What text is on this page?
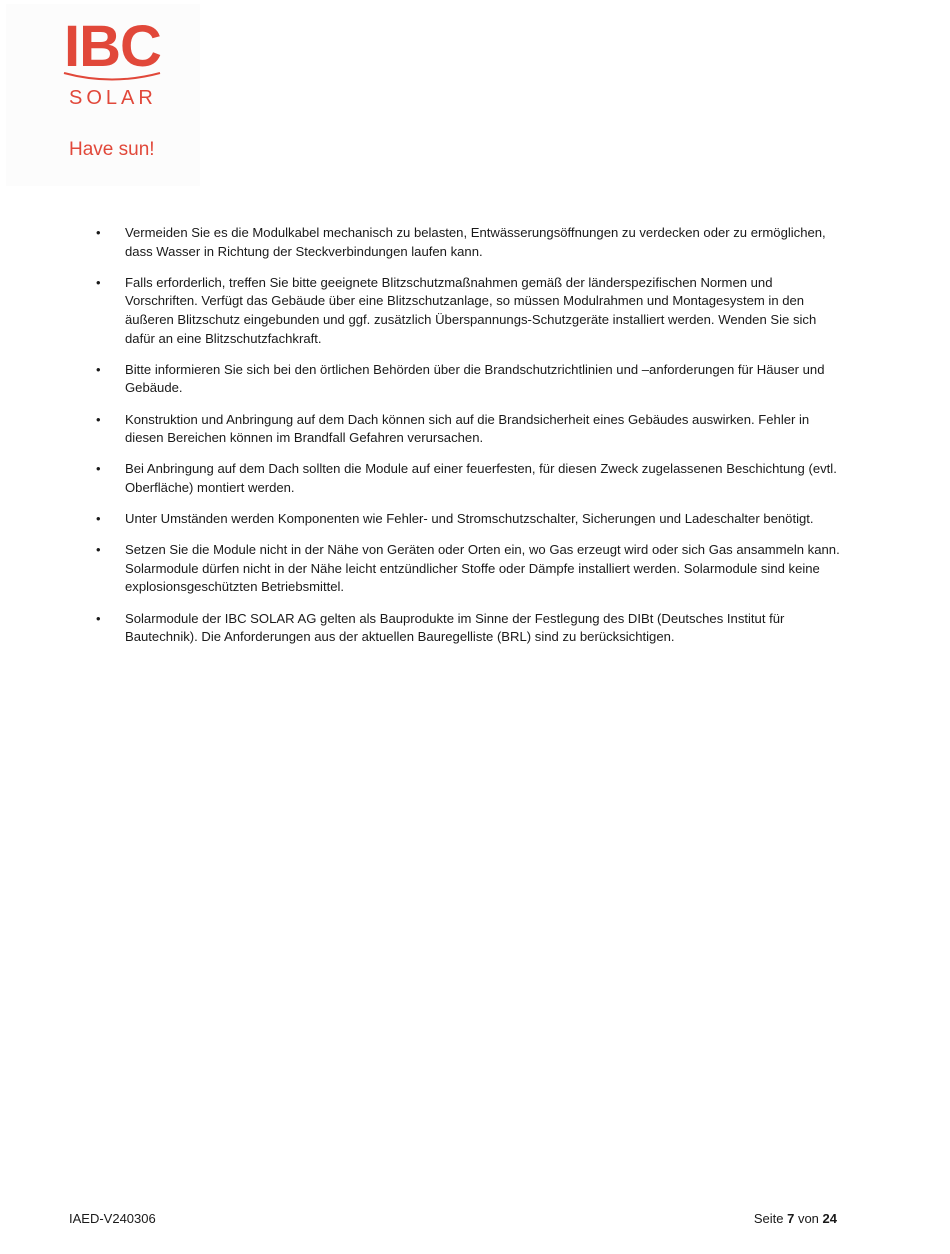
IBC
SOLAR
Have sun!
• Vermeiden Sie es die Modulkabel mechanisch zu belasten, Entwässerungsöffnungen zu verdecken oder zu ermöglichen, dass Wasser in Richtung der Steckverbindungen laufen kann.
• Falls erforderlich, treffen Sie bitte geeignete Blitzschutzmaßnahmen gemäß der länderspezifischen Normen und Vorschriften. Verfügt das Gebäude über eine Blitzschutzanlage, so müssen Modulrahmen und Montagesystem in den äußeren Blitzschutz eingebunden und ggf. zusätzlich Überspannungs-Schutzgeräte installiert werden. Wenden Sie sich dafür an eine Blitzschutzfachkraft.
• Bitte informieren Sie sich bei den örtlichen Behörden über die Brandschutzrichtlinien und –anforderungen für Häuser und Gebäude.
• Konstruktion und Anbringung auf dem Dach können sich auf die Brandsicherheit eines Gebäudes auswirken. Fehler in diesen Bereichen können im Brandfall Gefahren verursachen.
• Bei Anbringung auf dem Dach sollten die Module auf einer feuerfesten, für diesen Zweck zugelassenen Beschichtung (evtl. Oberfläche) montiert werden.
• Unter Umständen werden Komponenten wie Fehler- und Stromschutzschalter, Sicherungen und Ladeschalter benötigt.
• Setzen Sie die Module nicht in der Nähe von Geräten oder Orten ein, wo Gas erzeugt wird oder sich Gas ansammeln kann. Solarmodule dürfen nicht in der Nähe leicht entzündlicher Stoffe oder Dämpfe installiert werden. Solarmodule sind keine explosionsgeschützten Betriebsmittel.
• Solarmodule der IBC SOLAR AG gelten als Bauprodukte im Sinne der Festlegung des DIBt (Deutsches Institut für Bautechnik). Die Anforderungen aus der aktuellen Bauregelliste (BRL) sind zu berücksichtigen.
IAED-V240306	Seite 7 von 24
